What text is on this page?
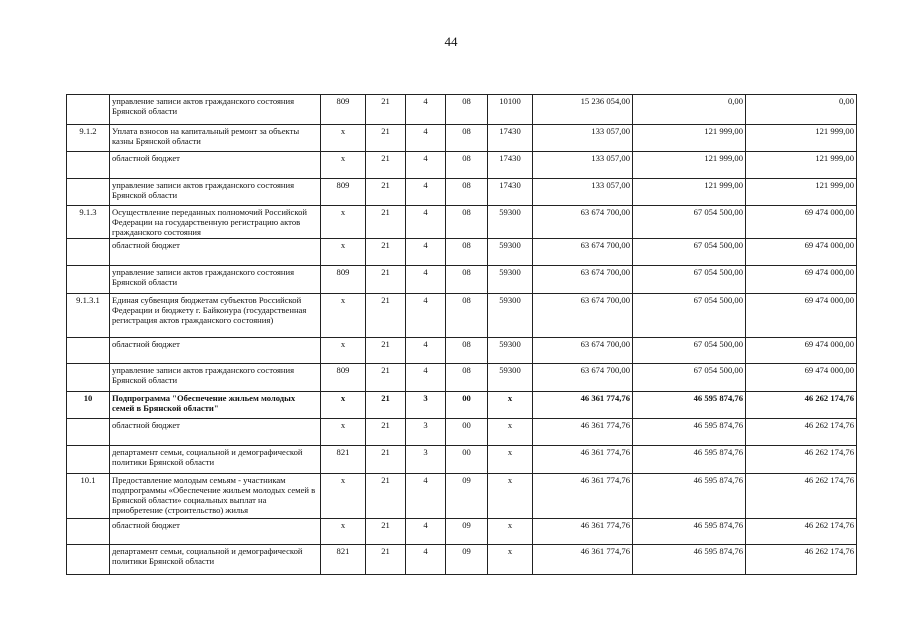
44
	управление записи актов гражданского состояния Брянской области	809	21	4	08	10100	15 236 054,00	0,00	0,00
9.1.2	Уплата взносов на капитальный ремонт за объекты казны Брянской области	х	21	4	08	17430	133 057,00	121 999,00	121 999,00
	областной бюджет	х	21	4	08	17430	133 057,00	121 999,00	121 999,00
	управление записи актов гражданского состояния Брянской области	809	21	4	08	17430	133 057,00	121 999,00	121 999,00
9.1.3	Осуществление переданных полномочий Российской Федерации на государственную регистрацию актов гражданского состояния	х	21	4	08	59300	63 674 700,00	67 054 500,00	69 474 000,00
	областной бюджет	х	21	4	08	59300	63 674 700,00	67 054 500,00	69 474 000,00
	управление записи актов гражданского состояния Брянской области	809	21	4	08	59300	63 674 700,00	67 054 500,00	69 474 000,00
9.1.3.1	Единая субвенция бюджетам субъектов Российской Федерации и бюджету г. Байконура (государственная регистрация актов гражданского состояния)	х	21	4	08	59300	63 674 700,00	67 054 500,00	69 474 000,00
	областной бюджет	х	21	4	08	59300	63 674 700,00	67 054 500,00	69 474 000,00
	управление записи актов гражданского состояния Брянской области	809	21	4	08	59300	63 674 700,00	67 054 500,00	69 474 000,00
10	Подпрограмма "Обеспечение жильем молодых семей в Брянской области"	х	21	3	00	х	46 361 774,76	46 595 874,76	46 262 174,76
	областной бюджет	х	21	3	00	х	46 361 774,76	46 595 874,76	46 262 174,76
	департамент семьи, социальной и демографической политики Брянской области	821	21	3	00	х	46 361 774,76	46 595 874,76	46 262 174,76
10.1	Предоставление молодым семьям - участникам подпрограммы «Обеспечение жильем молодых семей в Брянской области» социальных выплат на приобретение (строительство) жилья	х	21	4	09	х	46 361 774,76	46 595 874,76	46 262 174,76
	областной бюджет	х	21	4	09	х	46 361 774,76	46 595 874,76	46 262 174,76
	департамент семьи, социальной и демографической политики Брянской области	821	21	4	09	х	46 361 774,76	46 595 874,76	46 262 174,76
